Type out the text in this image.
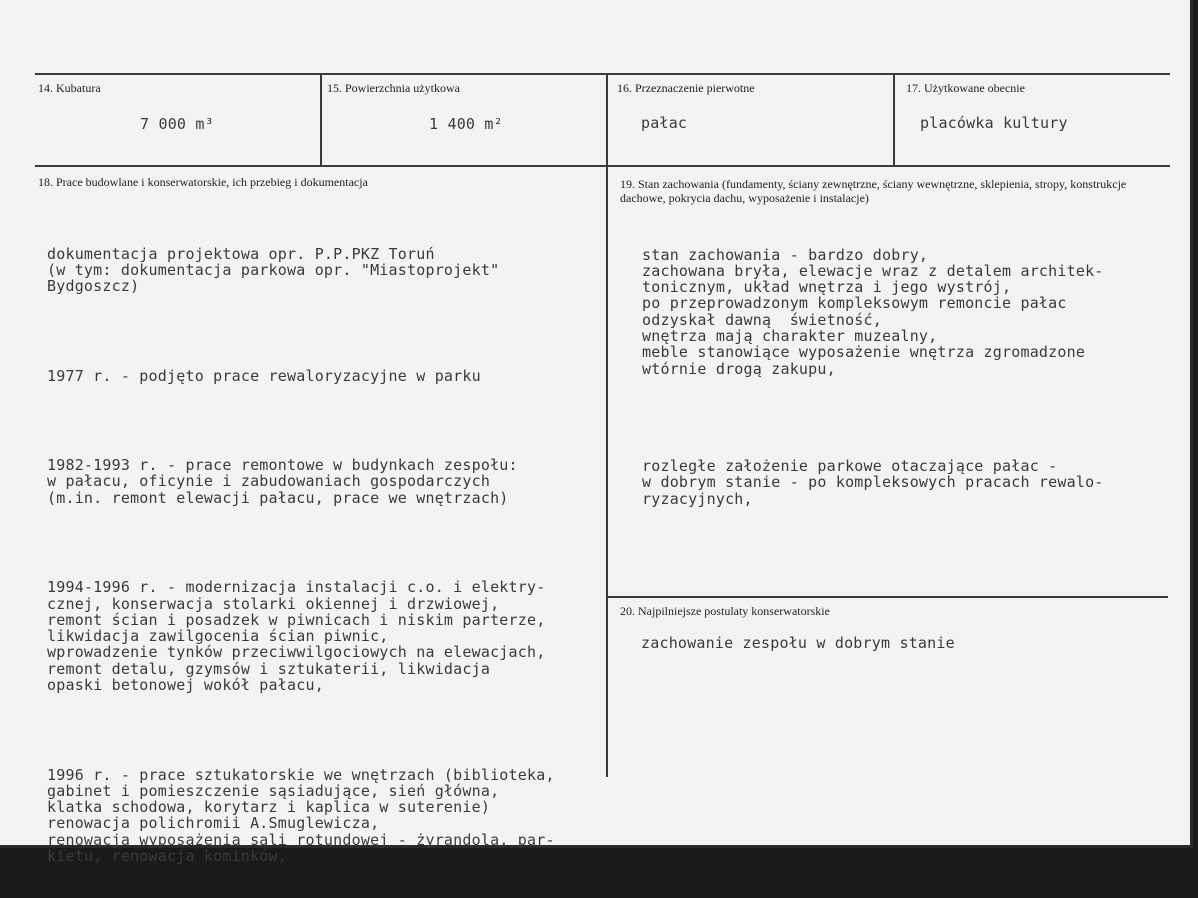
14. Kubatura
7 000 m³
15. Powierzchnia użytkowa
1 400 m²
16. Przeznaczenie pierwotne
pałac
17. Użytkowane obecnie
placówka kultury
18. Prace budowlane i konserwatorskie, ich przebieg i dokumentacja

dokumentacja projektowa opr. P.P.PKZ Toruń
(w tym: dokumentacja parkowa opr. "Miastoprojekt"
Bydgoszcz)

1977 r. - podjęto prace rewaloryzacyjne w parku

1982-1993 r. - prace remontowe w budynkach zespołu:
w pałacu, oficynie i zabudowaniach gospodarczych
(m.in. remont elewacji pałacu, prace we wnętrzach)

1994-1996 r. - modernizacja instalacji c.o. i elektry-
cznej, konserwacja stolarki okiennej i drzwiowej,
remont ścian i posadzek w piwnicach i niskim parterze,
likwidacja zawilgocenia ścian piwnic,
wprowadzenie tynków przeciwwilgociowych na elewacjach,
remont detalu, gzymsów i sztukaterii, likwidacja
opaski betonowej wokół pałacu,

1996 r. - prace sztukatorskie we wnętrzach (biblioteka,
gabinet i pomieszczenie sąsiadujące, sień główna,
klatka schodowa, korytarz i kaplica w suterenie)
renowacja polichromii A.Smuglewicza,
renowacja wyposażenia sali rotundowej - żyrandola, par-
kietu, renowacja kominków,

19. Stan zachowania (fundamenty, ściany zewnętrzne, ściany wewnętrzne, sklepienia, stropy, konstrukcje dachowe, pokrycia dachu, wyposażenie i instalacje)

stan zachowania - bardzo dobry,
zachowana bryła, elewacje wraz z detalem architek-
tonicznym, układ wnętrza i jego wystrój,
po przeprowadzonym kompleksowym remoncie pałac
odzyskał dawną  świetność,
wnętrza mają charakter muzealny,
meble stanowiące wyposażenie wnętrza zgromadzone
wtórnie drogą zakupu,

rozległe założenie parkowe otaczające pałac -
w dobrym stanie - po kompleksowych pracach rewalo-
ryzacyjnych,

20. Najpilniejsze postulaty konserwatorskie
zachowanie zespołu w dobrym stanie
